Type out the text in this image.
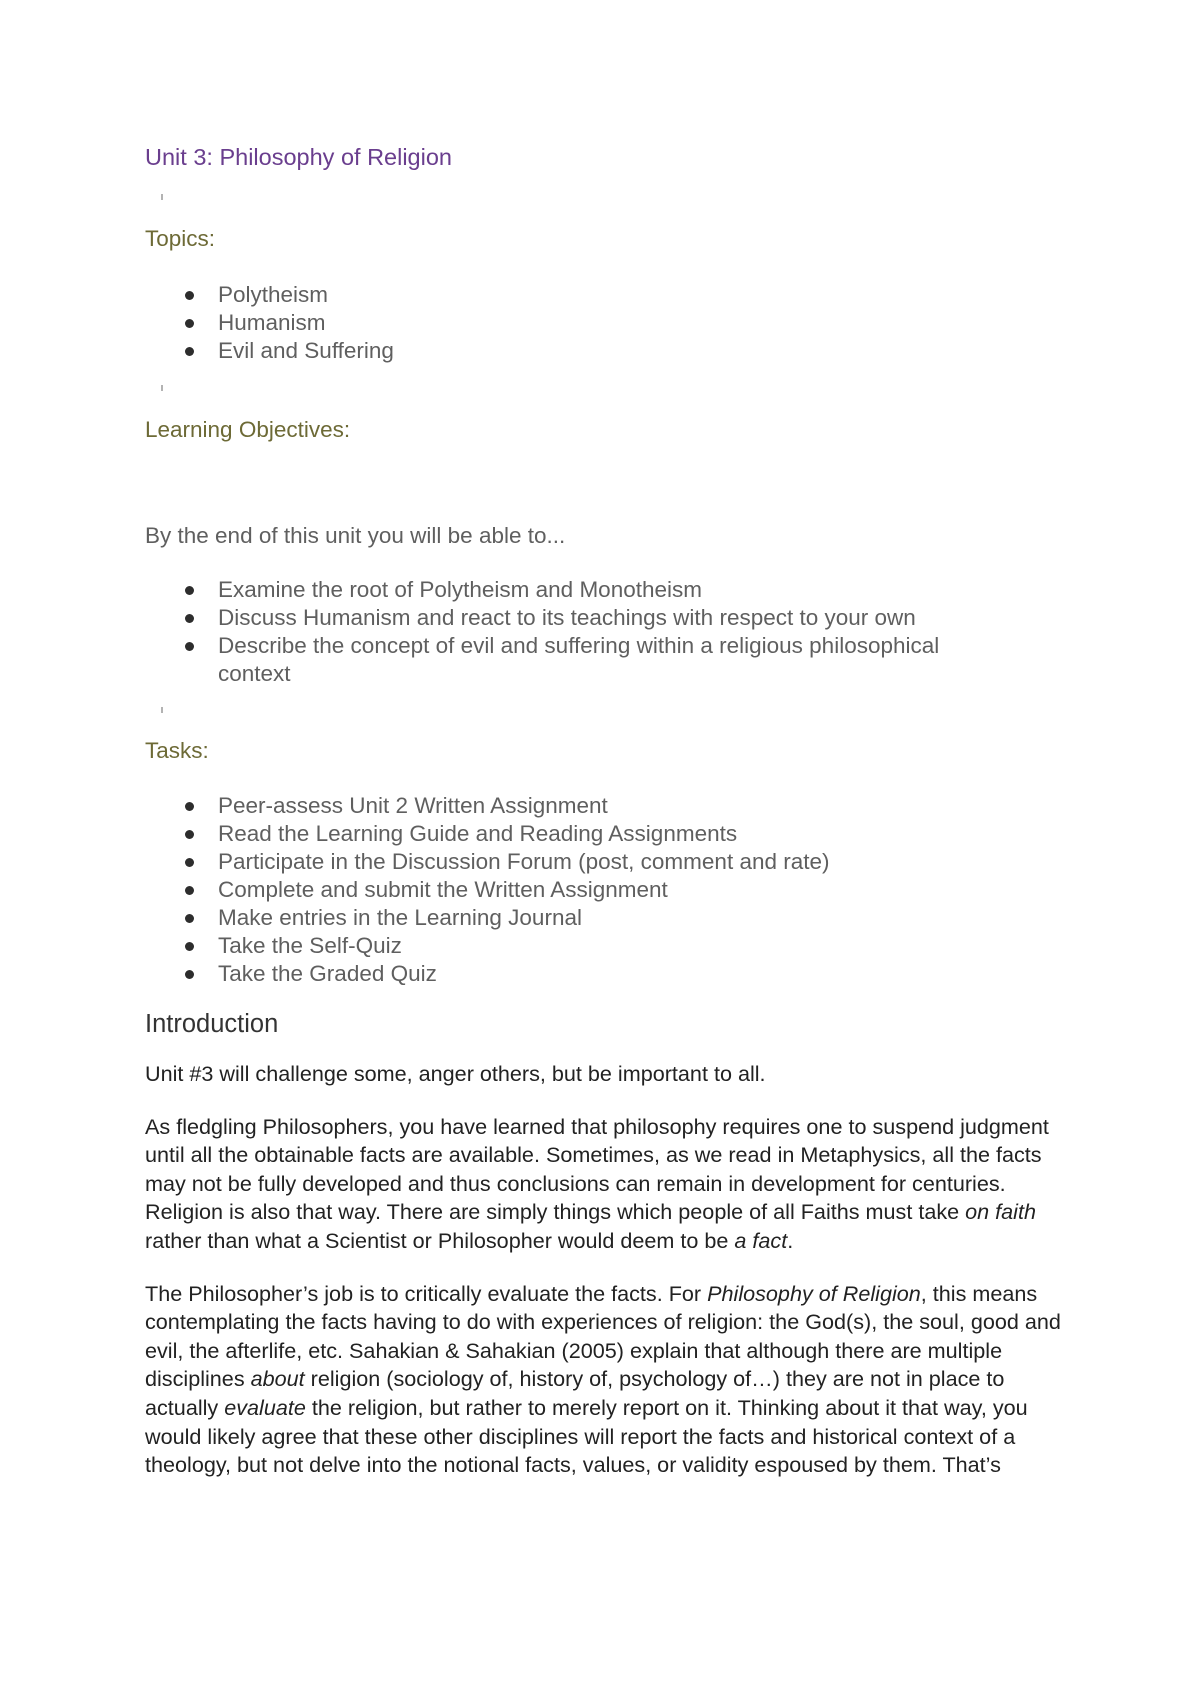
Unit 3: Philosophy of Religion
Topics:
Polytheism
Humanism
Evil and Suffering
Learning Objectives:
By the end of this unit you will be able to...
Examine the root of Polytheism and Monotheism
Discuss Humanism and react to its teachings with respect to your own
Describe the concept of evil and suffering within a religious philosophical context
Tasks:
Peer-assess Unit 2 Written Assignment
Read the Learning Guide and Reading Assignments
Participate in the Discussion Forum (post, comment and rate)
Complete and submit the Written Assignment
Make entries in the Learning Journal
Take the Self-Quiz
Take the Graded Quiz
Introduction

Unit #3 will challenge some, anger others, but be important to all.

As fledgling Philosophers, you have learned that philosophy requires one to suspend judgment until all the obtainable facts are available. Sometimes, as we read in Metaphysics, all the facts may not be fully developed and thus conclusions can remain in development for centuries. Religion is also that way. There are simply things which people of all Faiths must take on faith rather than what a Scientist or Philosopher would deem to be a fact.

The Philosopher’s job is to critically evaluate the facts. For Philosophy of Religion, this means contemplating the facts having to do with experiences of religion: the God(s), the soul, good and evil, the afterlife, etc. Sahakian & Sahakian (2005) explain that although there are multiple disciplines about religion (sociology of, history of, psychology of…) they are not in place to actually evaluate the religion, but rather to merely report on it. Thinking about it that way, you would likely agree that these other disciplines will report the facts and historical context of a theology, but not delve into the notional facts, values, or validity espoused by them. That’s
